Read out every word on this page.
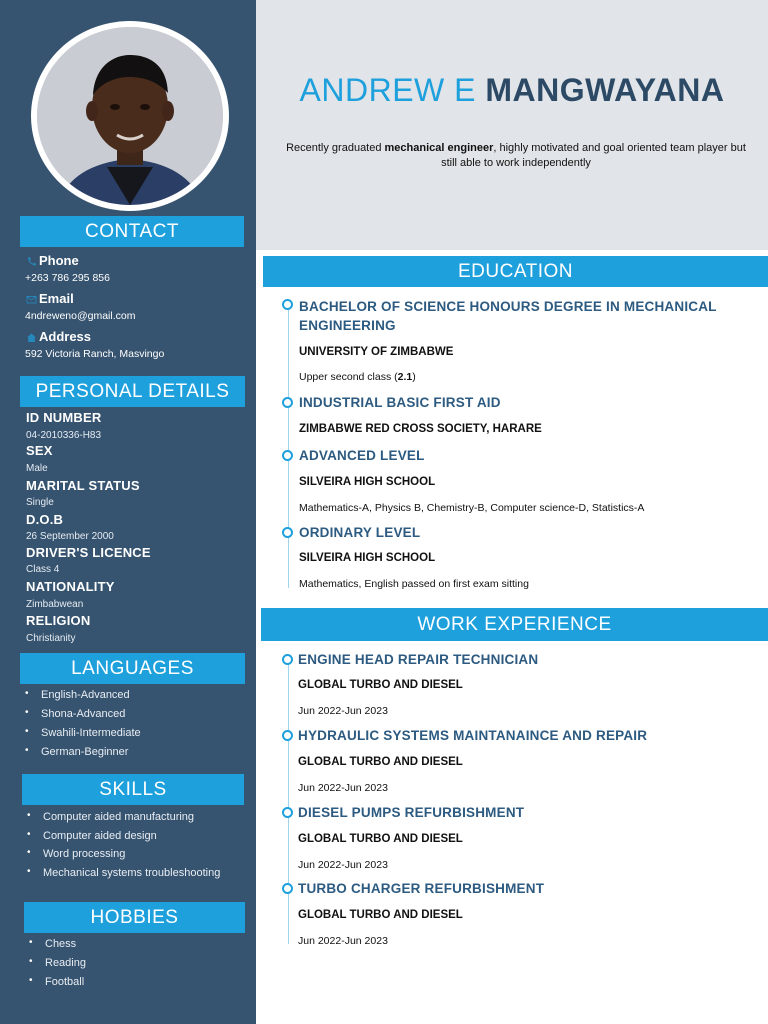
CONTACT
Phone
+263 786 295 856
Email
4ndreweno@gmail.com
Address
592 Victoria Ranch, Masvingo
PERSONAL DETAILS
ID NUMBER
04-2010336-H83
SEX
Male
MARITAL STATUS
Single
D.O.B
26 September 2000
DRIVER'S LICENCE
Class 4
NATIONALITY
Zimbabwean
RELIGION
Christianity
LANGUAGES
• English-Advanced
• Shona-Advanced
• Swahili-Intermediate
• German-Beginner
SKILLS
• Computer aided manufacturing
• Computer aided design
• Word processing
• Mechanical systems troubleshooting
HOBBIES
• Chess
• Reading
• Football
ANDREW E MANGWAYANA
Recently graduated mechanical engineer, highly motivated and goal oriented team player but still able to work independently
EDUCATION
BACHELOR OF SCIENCE HONOURS DEGREE IN MECHANICAL
ENGINEERING
UNIVERSITY OF ZIMBABWE
Upper second class (2.1)
INDUSTRIAL BASIC FIRST AID
ZIMBABWE RED CROSS SOCIETY, HARARE
ADVANCED LEVEL
SILVEIRA HIGH SCHOOL
Mathematics-A, Physics B, Chemistry-B, Computer science-D, Statistics-A
ORDINARY LEVEL
SILVEIRA HIGH SCHOOL
Mathematics, English passed on first exam sitting
WORK EXPERIENCE
ENGINE HEAD REPAIR TECHNICIAN
GLOBAL TURBO AND DIESEL
Jun 2022-Jun 2023
HYDRAULIC SYSTEMS MAINTANAINCE AND REPAIR
GLOBAL TURBO AND DIESEL
Jun 2022-Jun 2023
DIESEL PUMPS REFURBISHMENT
GLOBAL TURBO AND DIESEL
Jun 2022-Jun 2023
TURBO CHARGER REFURBISHMENT
GLOBAL TURBO AND DIESEL
Jun 2022-Jun 2023
